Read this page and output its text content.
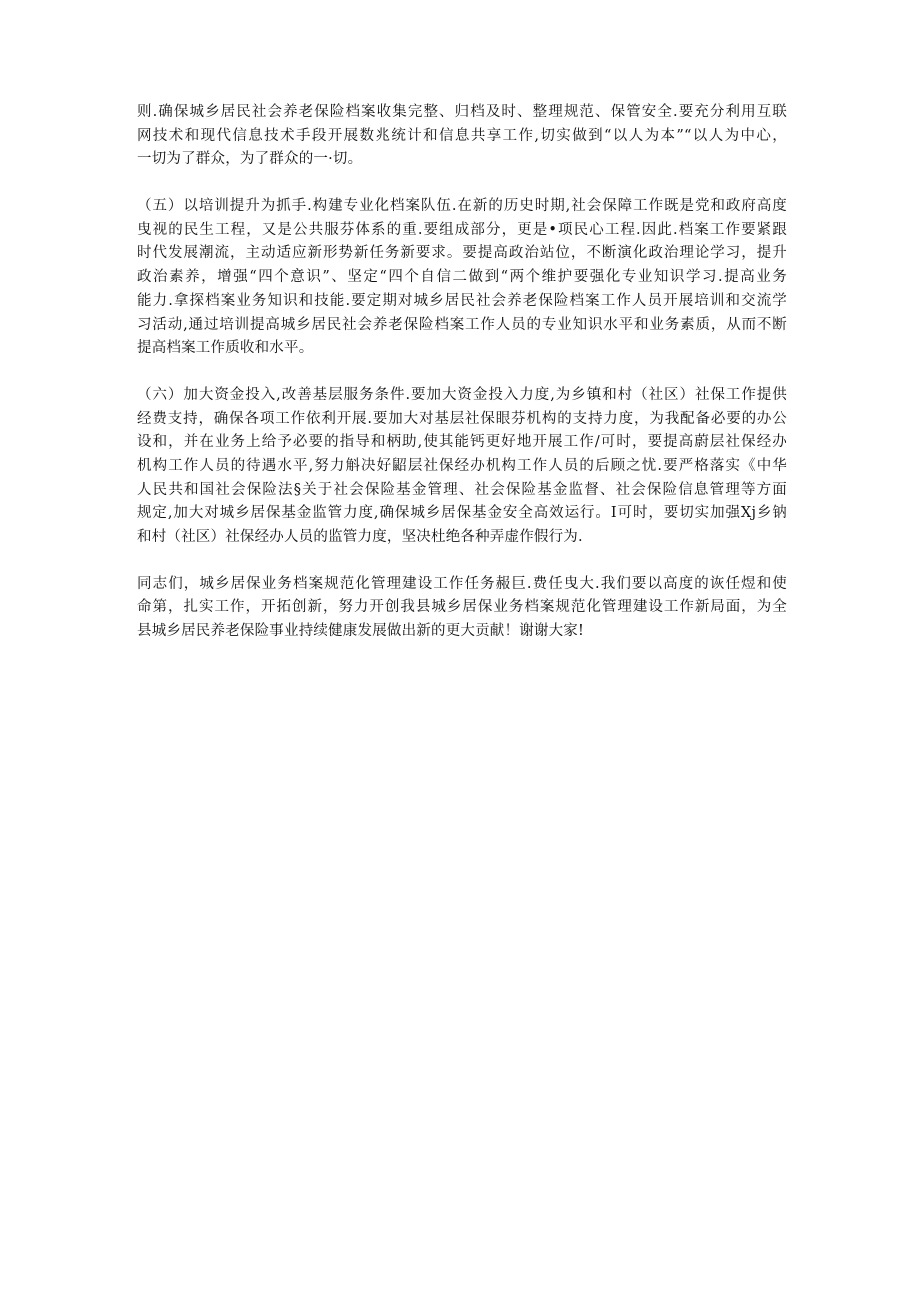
则.确保城乡居民社会养老保险档案收集完整、归档及时、整理规范、保管安全.要充分利用互联
网技术和现代信息技术手段开展数兆统计和信息共享工作,切实做到“以人为本”“以人为中心，
一切为了群众，为了群众的一·切。
（五）以培训提升为抓手.构建专业化档案队伍.在新的历史时期,社会保障工作既是党和政府高度
曳视的民生工程，又是公共服芬体系的重.要组成部分，更是•项民心工程.因此.档案工作要紧跟
时代发展潮流，主动适应新形势新任务新要求。要提高政治站位，不断演化政治理论学习，提升
政治素养，增强“四个意识”、坚定“四个自信二做到“两个维护要强化专业知识学习.提高业务
能力.拿探档案业务知识和技能.要定期对城乡居民社会养老保险档案工作人员开展培训和交流学
习活动,通过培训提高城乡居民社会养老保险档案工作人员的专业知识水平和业务素质，从而不断
提高档案工作质收和水平。
（六）加大资金投入,改善基层服务条件.要加大资金投入力度,为乡镇和村（社区）社保工作提供
经费支持，确保各项工作依利开展.要加大对基层社保眼芬机构的支持力度，为我配备必要的办公
设和，并在业务上给予必要的指导和柄助,使其能钙更好地开展工作/可时，要提高蔚层社保经办
机构工作人员的待遇水平,努力斛决好鼦层社保经办机构工作人员的后顾之忧.要严格落实《中华
人民共和国社会保险法§关于社会保险基金管理、社会保险基金监督、社会保险信息管理等方面
规定,加大对城乡居保基金监管力度,确保城乡居保基金安全高效运行。I可时，要切实加强Xj乡钠
和村（社区）社保经办人员的监管力度，坚决杜绝各种弄虚作假行为.
同志们，城乡居保业务档案规范化管理建设工作任务赧巨.费任曳大.我们要以高度的诙任煜和使
命第，扎实工作，开拓创新，努力开创我县城乡居保业务档案规范化管理建设工作新局面，为全
县城乡居民养老保险事业持续健康发展做出新的更大贡献！谢谢大家!
